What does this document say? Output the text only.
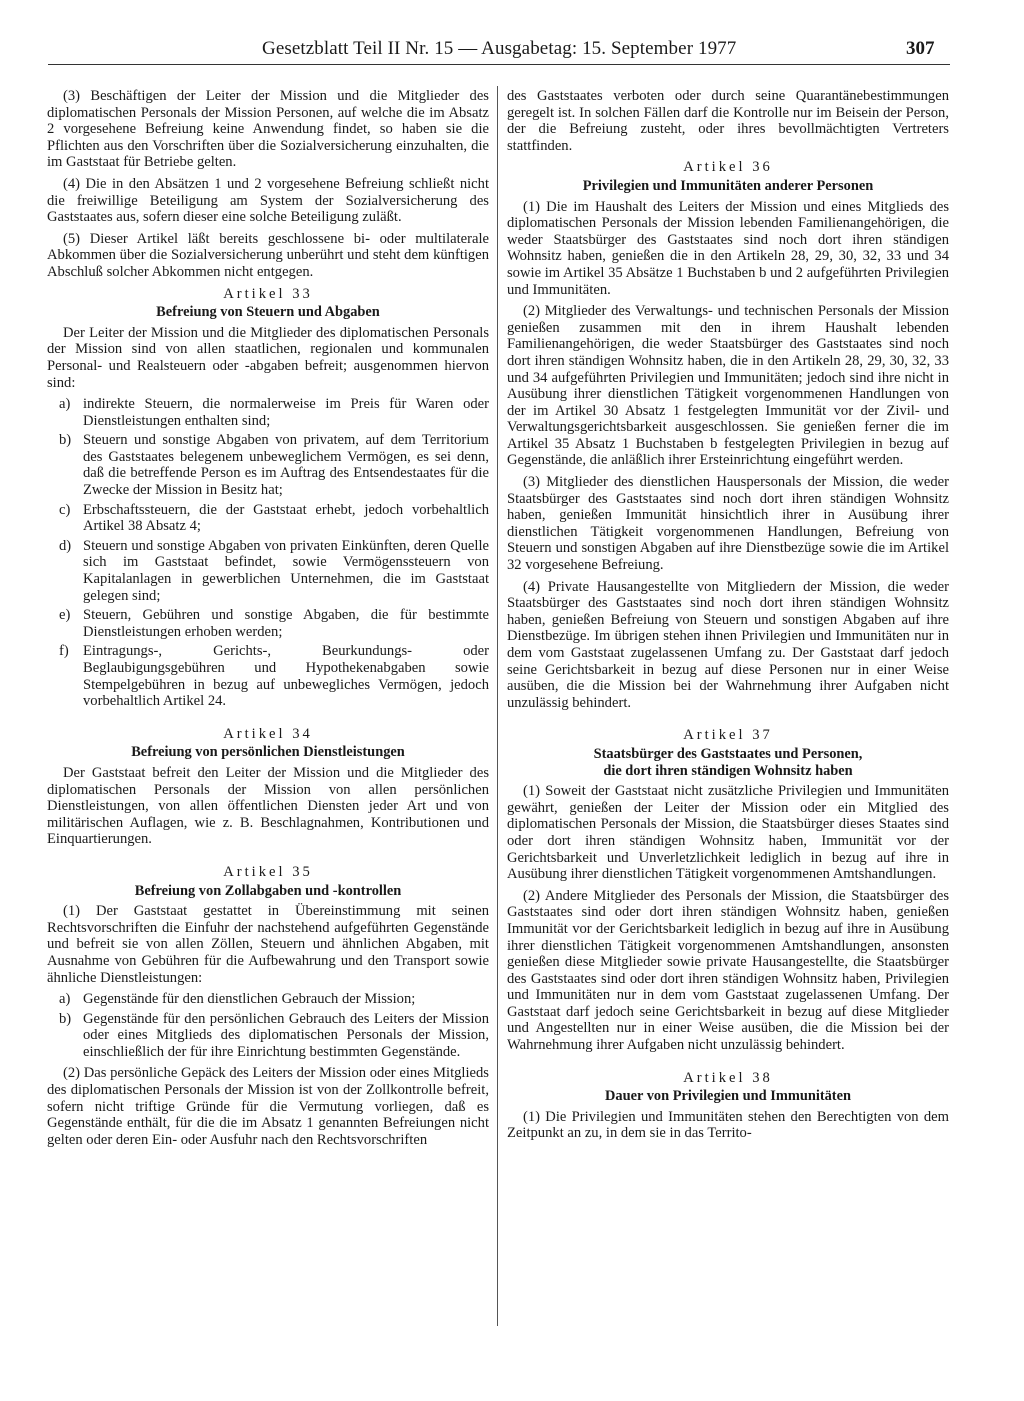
Gesetzblatt Teil II Nr. 15 — Ausgabetag: 15. September 1977	307

(3) Beschäftigen der Leiter der Mission und die Mitglieder des diplomatischen Personals der Mission Personen, auf welche die im Absatz 2 vorgesehene Befreiung keine Anwendung findet, so haben sie die Pflichten aus den Vorschriften über die Sozialversicherung einzuhalten, die im Gaststaat für Betriebe gelten.

(4) Die in den Absätzen 1 und 2 vorgesehene Befreiung schließt nicht die freiwillige Beteiligung am System der Sozialversicherung des Gaststaates aus, sofern dieser eine solche Beteiligung zuläßt.

(5) Dieser Artikel läßt bereits geschlossene bi- oder multilaterale Abkommen über die Sozialversicherung unberührt und steht dem künftigen Abschluß solcher Abkommen nicht entgegen.

Artikel 33
Befreiung von Steuern und Abgaben

Der Leiter der Mission und die Mitglieder des diplomatischen Personals der Mission sind von allen staatlichen, regionalen und kommunalen Personal- und Realsteuern oder -abgaben befreit; ausgenommen hiervon sind:

a) indirekte Steuern, die normalerweise im Preis für Waren oder Dienstleistungen enthalten sind;
b) Steuern und sonstige Abgaben von privatem, auf dem Territorium des Gaststaates belegenem unbeweglichem Vermögen, es sei denn, daß die betreffende Person es im Auftrag des Entsendestaates für die Zwecke der Mission in Besitz hat;
c) Erbschaftssteuern, die der Gaststaat erhebt, jedoch vorbehaltlich Artikel 38 Absatz 4;
d) Steuern und sonstige Abgaben von privaten Einkünften, deren Quelle sich im Gaststaat befindet, sowie Vermögenssteuern von Kapitalanlagen in gewerblichen Unternehmen, die im Gaststaat gelegen sind;
e) Steuern, Gebühren und sonstige Abgaben, die für bestimmte Dienstleistungen erhoben werden;
f) Eintragungs-, Gerichts-, Beurkundungs- oder Beglaubigungsgebühren und Hypothekenabgaben sowie Stempelgebühren in bezug auf unbewegliches Vermögen, jedoch vorbehaltlich Artikel 24.
Artikel 34
Befreiung von persönlichen Dienstleistungen

Der Gaststaat befreit den Leiter der Mission und die Mitglieder des diplomatischen Personals der Mission von allen persönlichen Dienstleistungen, von allen öffentlichen Diensten jeder Art und von militärischen Auflagen, wie z. B. Beschlagnahmen, Kontributionen und Einquartierungen.

Artikel 35
Befreiung von Zollabgaben und -kontrollen

(1) Der Gaststaat gestattet in Übereinstimmung mit seinen Rechtsvorschriften die Einfuhr der nachstehend aufgeführten Gegenstände und befreit sie von allen Zöllen, Steuern und ähnlichen Abgaben, mit Ausnahme von Gebühren für die Aufbewahrung und den Transport sowie ähnliche Dienstleistungen:

a) Gegenstände für den dienstlichen Gebrauch der Mission;
b) Gegenstände für den persönlichen Gebrauch des Leiters der Mission oder eines Mitglieds des diplomatischen Personals der Mission, einschließlich der für ihre Einrichtung bestimmten Gegenstände.

(2) Das persönliche Gepäck des Leiters der Mission oder eines Mitglieds des diplomatischen Personals der Mission ist von der Zollkontrolle befreit, sofern nicht triftige Gründe für die Vermutung vorliegen, daß es Gegenstände enthält, für die die im Absatz 1 genannten Befreiungen nicht gelten oder deren Ein- oder Ausfuhr nach den Rechtsvorschriften

des Gaststaates verboten oder durch seine Quarantänebestimmungen geregelt ist. In solchen Fällen darf die Kontrolle nur im Beisein der Person, der die Befreiung zusteht, oder ihres bevollmächtigten Vertreters stattfinden.

Artikel 36
Privilegien und Immunitäten anderer Personen

(1) Die im Haushalt des Leiters der Mission und eines Mitglieds des diplomatischen Personals der Mission lebenden Familienangehörigen, die weder Staatsbürger des Gaststaates sind noch dort ihren ständigen Wohnsitz haben, genießen die in den Artikeln 28, 29, 30, 32, 33 und 34 sowie im Artikel 35 Absätze 1 Buchstaben b und 2 aufgeführten Privilegien und Immunitäten.

(2) Mitglieder des Verwaltungs- und technischen Personals der Mission genießen zusammen mit den in ihrem Haushalt lebenden Familienangehörigen, die weder Staatsbürger des Gaststaates sind noch dort ihren ständigen Wohnsitz haben, die in den Artikeln 28, 29, 30, 32, 33 und 34 aufgeführten Privilegien und Immunitäten; jedoch sind ihre nicht in Ausübung ihrer dienstlichen Tätigkeit vorgenommenen Handlungen von der im Artikel 30 Absatz 1 festgelegten Immunität vor der Zivil- und Verwaltungsgerichtsbarkeit ausgeschlossen. Sie genießen ferner die im Artikel 35 Absatz 1 Buchstaben b festgelegten Privilegien in bezug auf Gegenstände, die anläßlich ihrer Ersteinrichtung eingeführt werden.

(3) Mitglieder des dienstlichen Hauspersonals der Mission, die weder Staatsbürger des Gaststaates sind noch dort ihren ständigen Wohnsitz haben, genießen Immunität hinsichtlich ihrer in Ausübung ihrer dienstlichen Tätigkeit vorgenommenen Handlungen, Befreiung von Steuern und sonstigen Abgaben auf ihre Dienstbezüge sowie die im Artikel 32 vorgesehene Befreiung.

(4) Private Hausangestellte von Mitgliedern der Mission, die weder Staatsbürger des Gaststaates sind noch dort ihren ständigen Wohnsitz haben, genießen Befreiung von Steuern und sonstigen Abgaben auf ihre Dienstbezüge. Im übrigen stehen ihnen Privilegien und Immunitäten nur in dem vom Gaststaat zugelassenen Umfang zu. Der Gaststaat darf jedoch seine Gerichtsbarkeit in bezug auf diese Personen nur in einer Weise ausüben, die die Mission bei der Wahrnehmung ihrer Aufgaben nicht unzulässig behindert.

Artikel 37
Staatsbürger des Gaststaates und Personen,
die dort ihren ständigen Wohnsitz haben

(1) Soweit der Gaststaat nicht zusätzliche Privilegien und Immunitäten gewährt, genießen der Leiter der Mission oder ein Mitglied des diplomatischen Personals der Mission, die Staatsbürger dieses Staates sind oder dort ihren ständigen Wohnsitz haben, Immunität vor der Gerichtsbarkeit und Unverletzlichkeit lediglich in bezug auf ihre in Ausübung ihrer dienstlichen Tätigkeit vorgenommenen Amtshandlungen.

(2) Andere Mitglieder des Personals der Mission, die Staatsbürger des Gaststaates sind oder dort ihren ständigen Wohnsitz haben, genießen Immunität vor der Gerichtsbarkeit lediglich in bezug auf ihre in Ausübung ihrer dienstlichen Tätigkeit vorgenommenen Amtshandlungen, ansonsten genießen diese Mitglieder sowie private Hausangestellte, die Staatsbürger des Gaststaates sind oder dort ihren ständigen Wohnsitz haben, Privilegien und Immunitäten nur in dem vom Gaststaat zugelassenen Umfang. Der Gaststaat darf jedoch seine Gerichtsbarkeit in bezug auf diese Mitglieder und Angestellten nur in einer Weise ausüben, die die Mission bei der Wahrnehmung ihrer Aufgaben nicht unzulässig behindert.

Artikel 38
Dauer von Privilegien und Immunitäten

(1) Die Privilegien und Immunitäten stehen den Berechtigten von dem Zeitpunkt an zu, in dem sie in das Territo-
